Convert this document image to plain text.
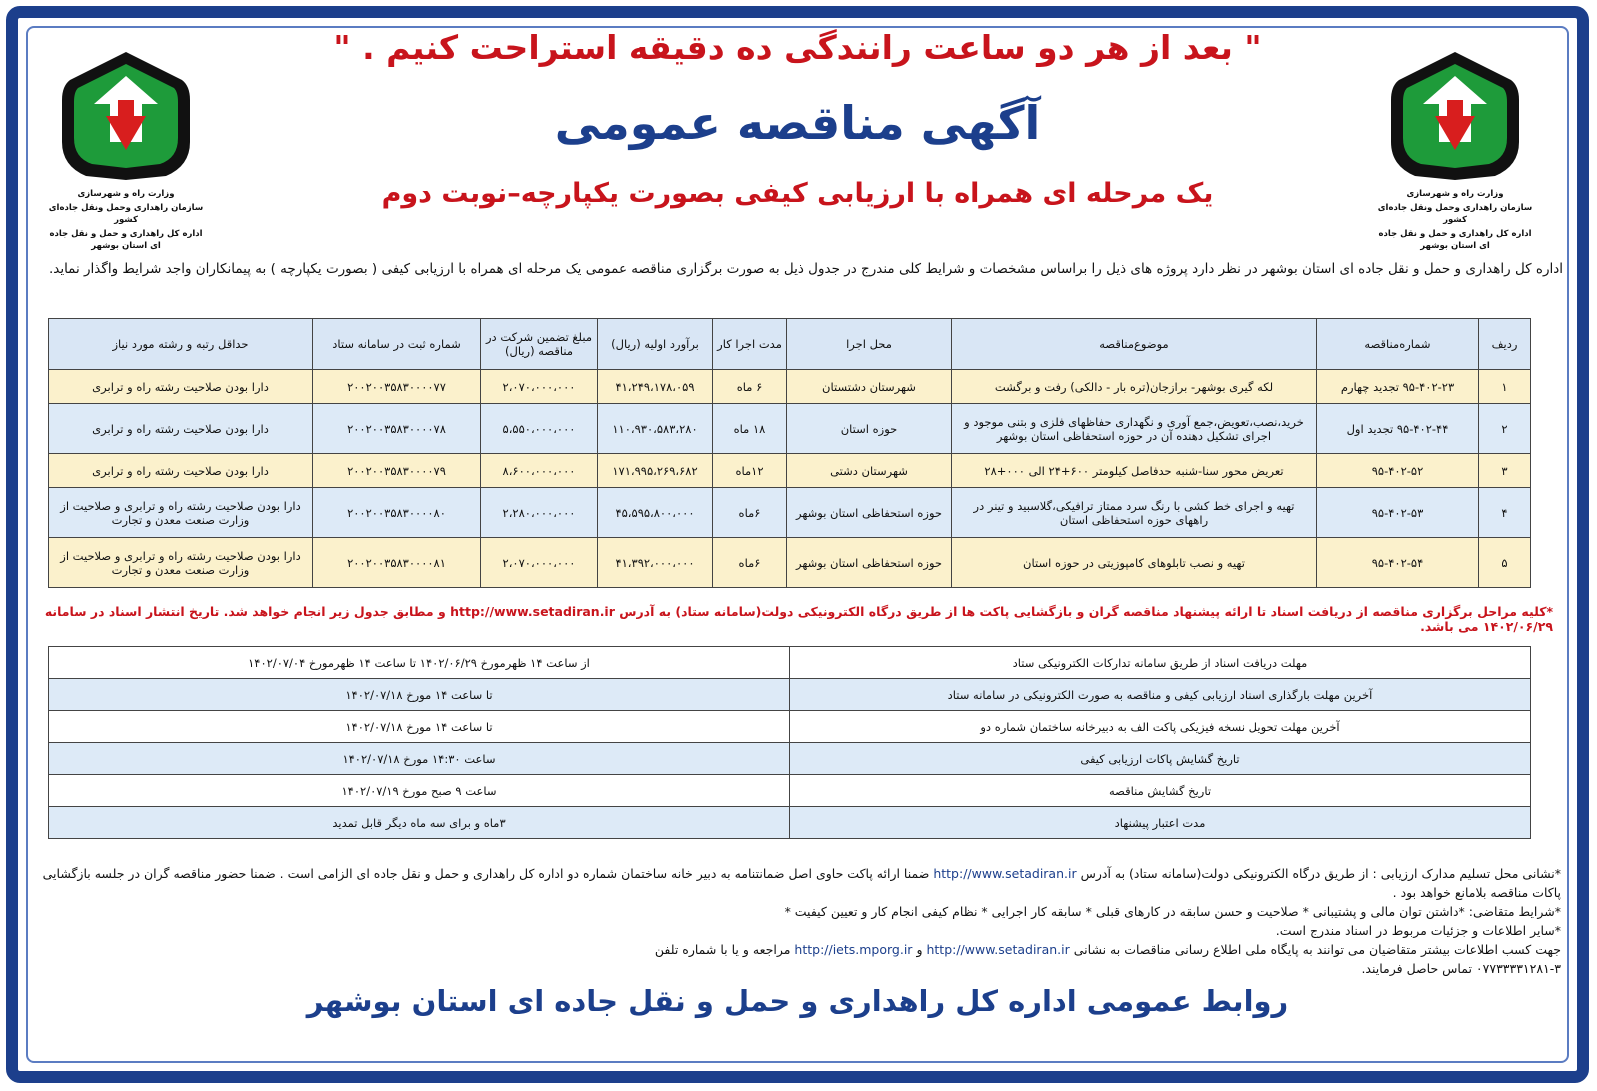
وزارت راه و شهرسازی
سازمان راهداری وحمل ونقل جاده‌ای کشور
اداره کل راهداری و حمل و نقل جاده ای استان بوشهر
وزارت راه و شهرسازی
سازمان راهداری وحمل ونقل جاده‌ای کشور
اداره کل راهداری و حمل و نقل جاده ای استان بوشهر
" بعد از هر دو ساعت رانندگی ده دقیقه استراحت کنیم . "
آگهی مناقصه عمومی
یک مرحله ای همراه با ارزیابی کیفی بصورت یکپارچه–نوبت دوم
اداره کل راهداری و حمل و نقل جاده ای استان بوشهر در نظر دارد پروژه های ذیل را براساس مشخصات و شرایط کلی مندرج در جدول ذیل به صورت برگزاری مناقصه عمومی یک مرحله ای همراه با ارزیابی کیفی ( بصورت یکپارچه ) به پیمانکاران واجد شرایط واگذار نماید.
ردیف	شماره‌مناقصه	موضوع‌مناقصه	محل اجرا	مدت اجرا کار	برآورد اولیه (ریال)	مبلغ تضمین شرکت در مناقصه (ریال)	شماره ثبت در سامانه ستاد	حداقل رتبه و رشته مورد نیاز
۱	۹۵-۴۰۲-۲۳ تجدید چهارم	لکه گیری بوشهر- برازجان(تره بار - دالکی) رفت و برگشت	شهرستان دشتستان	۶ ماه	۴۱،۲۴۹،۱۷۸،۰۵۹	۲،۰۷۰،۰۰۰،۰۰۰	۲۰۰۲۰۰۳۵۸۳۰۰۰۰۷۷	دارا بودن صلاحیت رشته راه و ترابری
۲	۹۵-۴۰۲-۴۴ تجدید اول	خرید،نصب،تعویض،جمع آوری و نگهداری حفاظهای فلزی و بتنی موجود و اجرای تشکیل دهنده آن در حوزه استحفاظی استان بوشهر	حوزه استان	۱۸ ماه	۱۱۰،۹۳۰،۵۸۳،۲۸۰	۵،۵۵۰،۰۰۰،۰۰۰	۲۰۰۲۰۰۳۵۸۳۰۰۰۰۷۸	دارا بودن صلاحیت رشته راه و ترابری
۳	۹۵-۴۰۲-۵۲	تعریض محور سنا-شنبه حدفاصل کیلومتر ۶۰۰+۲۴ الی ۰۰۰+۲۸	شهرستان دشتی	۱۲ماه	۱۷۱،۹۹۵،۲۶۹،۶۸۲	۸،۶۰۰،۰۰۰،۰۰۰	۲۰۰۲۰۰۳۵۸۳۰۰۰۰۷۹	دارا بودن صلاحیت رشته راه و ترابری
۴	۹۵-۴۰۲-۵۳	تهیه و اجرای خط کشی با رنگ سرد ممتاز ترافیکی،گلاسبید و تینر در راههای حوزه استحفاظی استان	حوزه استحفاظی استان بوشهر	۶ماه	۴۵،۵۹۵،۸۰۰،۰۰۰	۲،۲۸۰،۰۰۰،۰۰۰	۲۰۰۲۰۰۳۵۸۳۰۰۰۰۸۰	دارا بودن صلاحیت رشته راه و ترابری و صلاحیت از وزارت صنعت معدن و تجارت
۵	۹۵-۴۰۲-۵۴	تهیه و نصب تابلوهای کامپوزیتی در حوزه استان	حوزه استحفاظی استان بوشهر	۶ماه	۴۱،۳۹۲،۰۰۰،۰۰۰	۲،۰۷۰،۰۰۰،۰۰۰	۲۰۰۲۰۰۳۵۸۳۰۰۰۰۸۱	دارا بودن صلاحیت رشته راه و ترابری و صلاحیت از وزارت صنعت معدن و تجارت
*کلیه مراحل برگزاری مناقصه از دریافت اسناد تا ارائه پیشنهاد مناقصه گران و بازگشایی پاکت ها از طریق درگاه الکترونیکی دولت(سامانه ستاد) به آدرس http://www.setadiran.ir و مطابق جدول زیر انجام خواهد شد. تاریخ انتشار اسناد در سامانه ۱۴۰۲/۰۶/۲۹ می باشد.
مهلت دریافت اسناد از طریق سامانه تدارکات الکترونیکی ستاد	از ساعت ۱۴ ظهرمورخ ۱۴۰۲/۰۶/۲۹ تا ساعت ۱۴ ظهرمورخ ۱۴۰۲/۰۷/۰۴
آخرین مهلت بارگذاری اسناد ارزیابی کیفی و مناقصه به صورت الکترونیکی در سامانه ستاد	تا ساعت ۱۴ مورخ ۱۴۰۲/۰۷/۱۸
آخرین مهلت تحویل نسخه فیزیکی پاکت الف به دبیرخانه ساختمان شماره دو	تا ساعت ۱۴ مورخ ۱۴۰۲/۰۷/۱۸
تاریخ گشایش پاکات ارزیابی کیفی	ساعت ۱۴:۳۰ مورخ ۱۴۰۲/۰۷/۱۸
تاریخ گشایش مناقصه	ساعت ۹ صبح مورخ ۱۴۰۲/۰۷/۱۹
مدت اعتبار پیشنهاد	۳ماه و برای سه ماه دیگر قابل تمدید

*نشانی محل تسلیم مدارک ارزیابی : از طریق درگاه الکترونیکی دولت(سامانه ستاد) به آدرس http://www.setadiran.ir ضمنا ارائه پاکت حاوی اصل ضمانتنامه به دبیر خانه ساختمان شماره دو اداره کل راهداری و حمل و نقل جاده ای الزامی است . ضمنا حضور مناقصه گران در جلسه بازگشایی پاکات مناقصه بلامانع خواهد بود .

*شرایط متقاضی: *داشتن توان مالی و پشتیبانی * صلاحیت و حسن سابقه در کارهای قبلی * سابقه کار اجرایی * نظام کیفی انجام کار و تعیین کیفیت *

*سایر اطلاعات و جزئیات مربوط در اسناد مندرج است.

جهت کسب اطلاعات بیشتر متقاضیان می توانند به پایگاه ملی اطلاع رسانی مناقصات به نشانی http://www.setadiran.ir و http://iets.mporg.ir مراجعه و یا با شماره تلفن

۰۷۷۳۳۳۳۱۲۸۱-۳ تماس حاصل فرمایند.

روابط عمومی اداره کل راهداری و حمل و نقل جاده ای استان بوشهر
